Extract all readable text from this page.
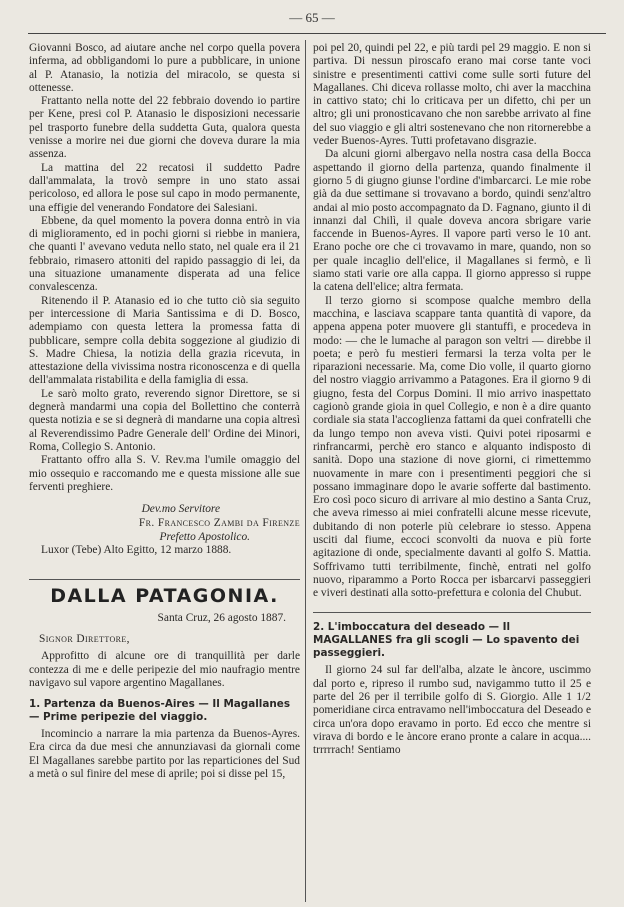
— 65 —

Giovanni Bosco, ad aiutare anche nel corpo quella povera inferma, ad obbligandomi lo pure a pubblicare, in unione al P. Atanasio, la notizia del miracolo, se questa si ottenesse.

Frattanto nella notte del 22 febbraio dovendo io partire per Kene, presi col P. Atanasio le disposizioni necessarie pel trasporto funebre della suddetta Guta, qualora questa venisse a morire nei due giorni che doveva durare la mia assenza.

La mattina del 22 recatosi il suddetto Padre dall'ammalata, la trovò sempre in uno stato assai pericoloso, ed allora le pose sul capo in modo permanente, una effigie del venerando Fondatore dei Salesiani.

Ebbene, da quel momento la povera donna entrò in via di miglioramento, ed in pochi giorni si riebbe in maniera, che quanti l' avevano veduta nello stato, nel quale era il 21 febbraio, rimasero attoniti del rapido passaggio di lei, da una situazione umanamente disperata ad una felice convalescenza.

Ritenendo il P. Atanasio ed io che tutto ciò sia seguito per intercessione di Maria Santissima e di D. Bosco, adempiamo con questa lettera la promessa fatta di pubblicare, sempre colla debita soggezione al giudizio di S. Madre Chiesa, la notizia della grazia ricevuta, in attestazione della vivissima nostra riconoscenza e di quella dell'ammalata ristabilita e della famiglia di essa.

Le sarò molto grato, reverendo signor Direttore, se si degnerà mandarmi una copia del Bollettino che conterrà questa notizia e se si degnerà di mandarne una copia altresì al Reverendissimo Padre Generale dell' Ordine dei Minori, Roma, Collegio S. Antonio.

Frattanto offro alla S. V. Rev.ma l'umile omaggio del mio ossequio e raccomando me e questa missione alle sue ferventi preghiere.

Dev.mo Servitore
Fr. Francesco Zambi da Firenze
Prefetto Apostolico.

Luxor (Tebe) Alto Egitto, 12 marzo 1888.

DALLA PATAGONIA.
Santa Cruz, 26 agosto 1887.
Signor Direttore,

Approfitto di alcune ore di tranquillità per darle contezza di me e delle peripezie del mio naufragio mentre navigavo sul vapore argentino Magallanes.

1. Partenza da Buenos-Aires — Il Magallanes — Prime peripezie del viaggio.

Incomincio a narrare la mia partenza da Buenos-Ayres. Era circa da due mesi che annunziavasi da giornali come El Magallanes sarebbe partito por las reparticiones del Sud a metà o sul finire del mese di aprile; poi si disse pel 15,

poi pel 20, quindi pel 22, e più tardi pel 29 maggio. E non si partiva. Di nessun piroscafo erano mai corse tante voci sinistre e presentimenti cattivi come sulle sorti future del Magallanes. Chi diceva rollasse molto, chi aver la macchina in cattivo stato; chi lo criticava per un difetto, chi per un altro; gli uni pronosticavano che non sarebbe arrivato al fine del suo viaggio e gli altri sostenevano che non ritornerebbe a veder Buenos-Ayres. Tutti profetavano disgrazie.

Da alcuni giorni albergavo nella nostra casa della Bocca aspettando il giorno della partenza, quando finalmente il giorno 5 di giugno giunse l'ordine d'imbarcarci. Le mie robe già da due settimane si trovavano a bordo, quindi senz'altro andai al mio posto accompagnato da D. Fagnano, giunto il di innanzi dal Chilì, il quale doveva ancora sbrigare varie faccende in Buenos-Ayres. Il vapore partì verso le 10 ant. Erano poche ore che ci trovavamo in mare, quando, non so per quale incaglio dell'elice, il Magallanes si fermò, e lì siamo stati varie ore alla cappa. Il giorno appresso si ruppe la catena dell'elice; altra fermata.

Il terzo giorno si scompose qualche membro della macchina, e lasciava scappare tanta quantità di vapore, da appena appena poter muovere gli stantuffi, e procedeva in modo: — che le lumache al paragon son veltri — direbbe il poeta; e però fu mestieri fermarsi la terza volta per le riparazioni necessarie. Ma, come Dio volle, il quarto giorno del nostro viaggio arrivammo a Patagones. Era il giorno 9 di giugno, festa del Corpus Domini. Il mio arrivo inaspettato cagionò grande gioia in quel Collegio, e non è a dire quanto cordiale sia stata l'accoglienza fattami da quei confratelli che da lungo tempo non aveva visti. Quivi potei riposarmi e rinfrancarmi, perchè ero stanco e alquanto indisposto di sanità. Dopo una stazione di nove giorni, ci rimettemmo nuovamente in mare con i presentimenti peggiori che si possano immaginare dopo le avarie sofferte dal bastimento. Ero così poco sicuro di arrivare al mio destino a Santa Cruz, che aveva rimesso ai miei confratelli alcune messe ricevute, dubitando di non poterle più celebrare io stesso. Appena usciti dal fiume, eccoci sconvolti da nuova e più forte agitazione di onde, specialmente davanti al golfo S. Mattia. Soffrivamo tutti terribilmente, finchè, entrati nel golfo nuovo, riparammo a Porto Rocca per isbarcarvi passeggieri e viveri destinati alla sotto-prefettura e colonia del Chubut.

2. L'imboccatura del deseado — Il MAGALLANES fra gli scogli — Lo spavento dei passeggieri.

Il giorno 24 sul far dell'alba, alzate le àncore, uscimmo dal porto e, ripreso il rumbo sud, navigammo tutto il 25 e parte del 26 per il terribile golfo di S. Giorgio. Alle 1 1/2 pomeridiane circa entravamo nell'imboccatura del Deseado e circa un'ora dopo eravamo in porto. Ed ecco che mentre si virava di bordo e le àncore erano pronte a calare in acqua.... trrrrrach! Sentiamo
